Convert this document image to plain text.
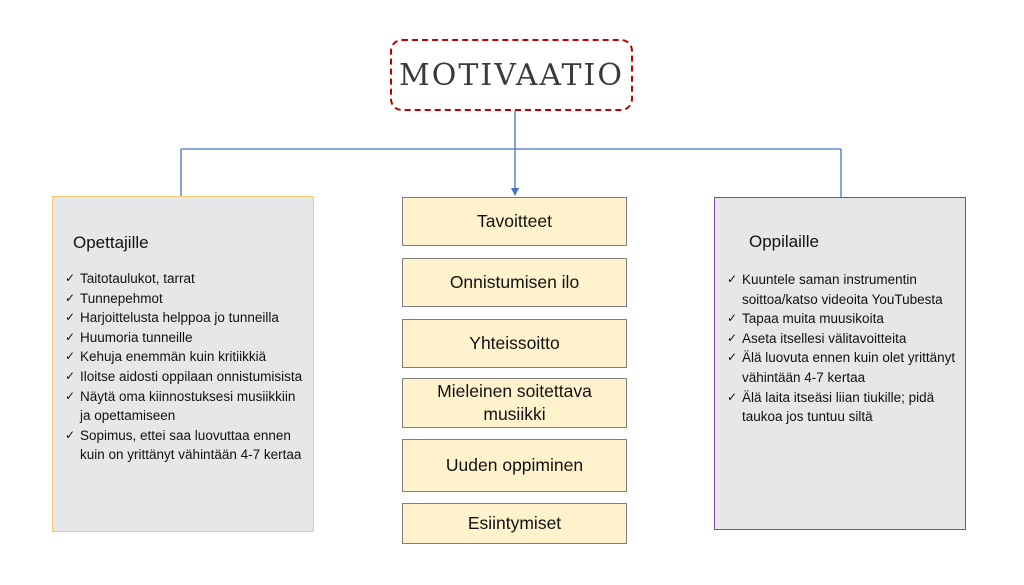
MOTIVAATIO
Opettajille
✓ Taitotaulukot, tarrat
✓ Tunnepehmot
✓ Harjoittelusta helppoa jo tunneilla
✓ Huumoria tunneille
✓ Kehuja enemmän kuin kritiikkiä
✓ Iloitse aidosti oppilaan onnistumisista
✓ Näytä oma kiinnostuksesi musiikkiin ja opettamiseen
✓ Sopimus, ettei saa luovuttaa ennen kuin on yrittänyt vähintään 4-7 kertaa
Tavoitteet
Onnistumisen ilo
Yhteissoitto
Mieleinen soitettava musiikki
Uuden oppiminen
Esiintymiset
Oppilaille
✓ Kuuntele saman instrumentin soittoa/katso videoita YouTubesta
✓ Tapaa muita muusikoita
✓ Aseta itsellesi välitavoitteita
✓ Älä luovuta ennen kuin olet yrittänyt vähintään 4-7 kertaa
✓ Älä laita itseäsi liian tiukille; pidä taukoa jos tuntuu siltä
